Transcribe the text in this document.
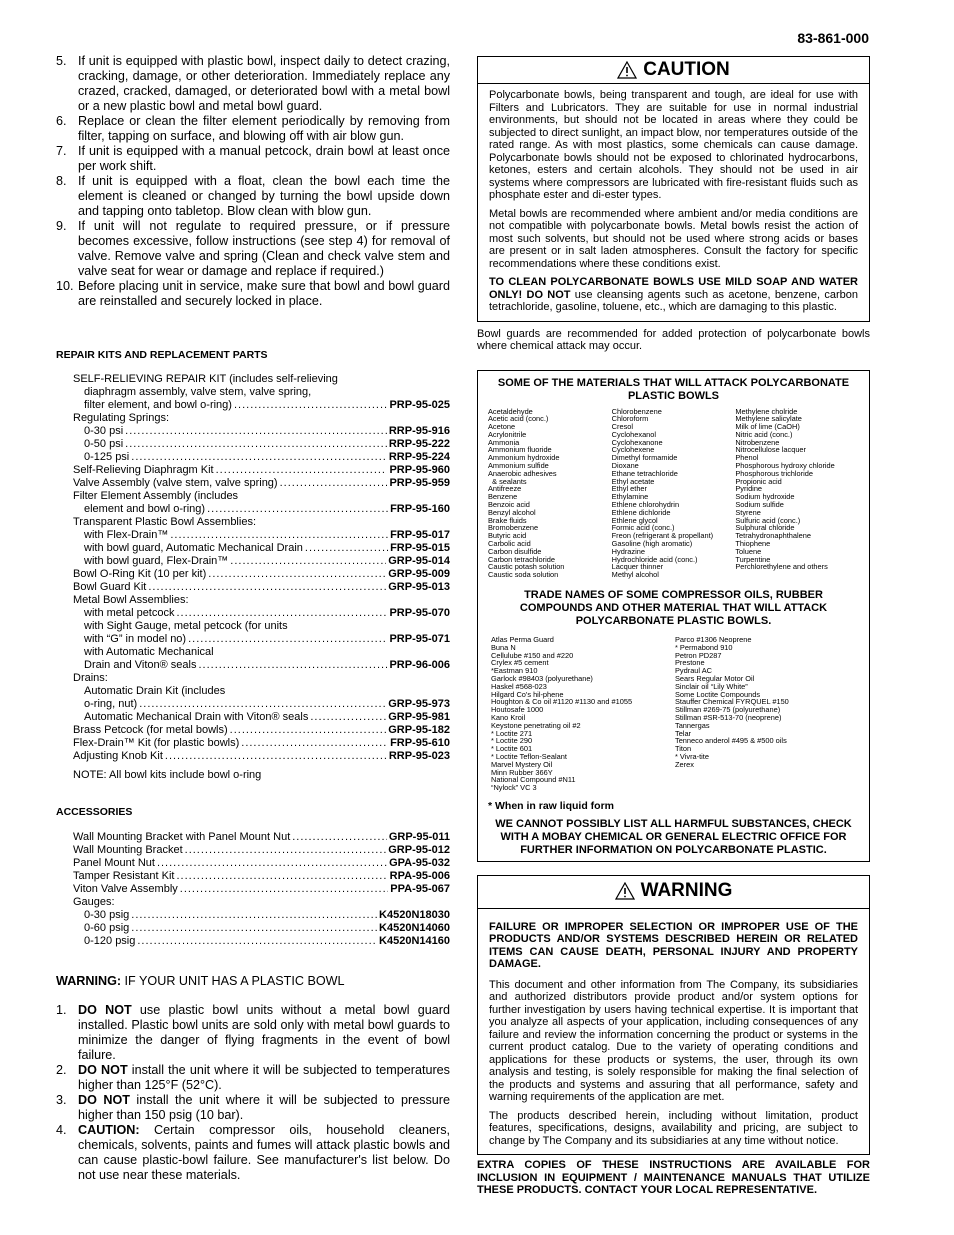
83-861-000
5. If unit is equipped with plastic bowl, inspect daily to detect crazing, cracking, damage, or other deterioration. Immediately replace any crazed, cracked, damaged, or deteriorated bowl with a metal bowl or a new plastic bowl and metal bowl guard.
6. Replace or clean the filter element periodically by removing from filter, tapping on surface, and blowing off with air blow gun.
7. If unit is equipped with a manual petcock, drain bowl at least once per work shift.
8. If unit is equipped with a float, clean the bowl each time the element is cleaned or changed by turning the bowl upside down and tapping onto tabletop. Blow clean with blow gun.
9. If unit will not regulate to required pressure, or if pressure becomes excessive, follow instructions (see step 4) for removal of valve. Remove valve and spring (Clean and check valve stem and valve seat for wear or damage and replace if required.)
10. Before placing unit in service, make sure that bowl and bowl guard are reinstalled and securely locked in place.

REPAIR KITS AND REPLACEMENT PARTS

SELF-RELIEVING REPAIR KIT (includes self-relieving
diaphragm assembly, valve stem, valve spring,
filter element, and bowl o-ring) .....	PRP-95-025
Regulating Springs:
0-30 psi .....	RRP-95-916
0-50 psi .....	RRP-95-222
0-125 psi .....	RRP-95-224
Self-Relieving Diaphragm Kit .....	PRP-95-960
Valve Assembly (valve stem, valve spring) .....	PRP-95-959
Filter Element Assembly (includes
element and bowl o-ring) .....	FRP-95-160
Transparent Plastic Bowl Assemblies:
with Flex-Drain™ .....	FRP-95-017
with bowl guard, Automatic Mechanical Drain .....	FRP-95-015
with bowl guard, Flex-Drain™ .....	GRP-95-014
Bowl O-Ring Kit (10 per kit) .....	GRP-95-009
Bowl Guard Kit .....	GRP-95-013
Metal Bowl Assemblies:
with metal petcock .....	PRP-95-070
with Sight Gauge, metal petcock (for units
with “G” in model no) .....	PRP-95-071
with Automatic Mechanical
Drain and Viton® seals .....	PRP-96-006
Drains:
Automatic Drain Kit (includes
o-ring, nut) .....	GRP-95-973
Automatic Mechanical Drain with Viton® seals .....	GRP-95-981
Brass Petcock (for metal bowls) .....	GRP-95-182
Flex-Drain™ Kit (for plastic bowls) .....	FRP-95-610
Adjusting Knob Kit .....	RRP-95-023
NOTE: All bowl kits include bowl o-ring

ACCESSORIES

Wall Mounting Bracket with Panel Mount Nut .....	GRP-95-011
Wall Mounting Bracket .....	GRP-95-012
Panel Mount Nut .....	GPA-95-032
Tamper Resistant Kit .....	RPA-95-006
Viton Valve Assembly .....	PPA-95-067
Gauges:
0-30 psig .....	K4520N18030
0-60 psig .....	K4520N14060
0-120 psig .....	K4520N14160
WARNING: IF YOUR UNIT HAS A PLASTIC BOWL
1. DO NOT use plastic bowl units without a metal bowl guard installed. Plastic bowl units are sold only with metal bowl guards to minimize the danger of flying fragments in the event of bowl failure.
2. DO NOT install the unit where it will be subjected to temperatures higher than 125°F (52°C).
3. DO NOT install the unit where it will be subjected to pressure higher than 150 psig (10 bar).
4. CAUTION: Certain compressor oils, household cleaners, chemicals, solvents, paints and fumes will attack plastic bowls and can cause plastic-bowl failure. See manufacturer's list below. Do not use near these materials.
CAUTION

Polycarbonate bowls, being transparent and tough, are ideal for use with Filters and Lubricators. They are suitable for use in normal industrial environments, but should not be located in areas where they could be subjected to direct sunlight, an impact blow, nor temperatures outside of the rated range. As with most plastics, some chemicals can cause damage. Polycarbonate bowls should not be exposed to chlorinated hydrocarbons, ketones, esters and certain alcohols. They should not be used in air systems where compressors are lubricated with fire-resistant fluids such as phosphate ester and di-ester types.

Metal bowls are recommended where ambient and/or media conditions are not compatible with polycarbonate bowls. Metal bowls resist the action of most such solvents, but should not be used where strong acids or bases are present or in salt laden atmospheres. Consult the factory for specific recommendations where these conditions exist.

TO CLEAN POLYCARBONATE BOWLS USE MILD SOAP AND WATER ONLY! DO NOT use cleansing agents such as acetone, benzene, carbon tetrachloride, gasoline, toluene, etc., which are damaging to this plastic.

Bowl guards are recommended for added protection of polycarbonate bowls where chemical attack may occur.
SOME OF THE MATERIALS THAT WILL ATTACK POLYCARBONATE PLASTIC BOWLS
Acetaldehyde
Acetic acid (conc.)
Acetone
Acrylonitrile
Ammonia
Ammonium fluoride
Ammonium hydroxide
Ammonium sulfide
Anaerobic adhesives
& sealants
Antifreeze
Benzene
Benzoic acid
Benzyl alcohol
Brake fluids
Bromobenzene
Butyric acid
Carbolic acid
Carbon disulfide
Carbon tetrachloride
Caustic potash solution
Caustic soda solution
Chlorobenzene
Chloroform
Cresol
Cyclohexanol
Cyclohexanone
Cyclohexene
Dimethyl formamide
Dioxane
Ethane tetrachloride
Ethyl acetate
Ethyl ether
Ethylamine
Ethlene chlorohydrin
Ethlene dichloride
Ethlene glycol
Formic acid (conc.)
Freon (refrigerant & propellant)
Gasoline (high aromatic)
Hydrazine
Hydrochloride acid (conc.)
Lacquer thinner
Methyl alcohol
Methylene cholride
Methylene salicylate
Milk of lime (CaOH)
Nitric acid (conc.)
Nitrobenzene
Nitrocellulose lacquer
Phenol
Phosphorous hydroxy chloride
Phosphorous trichloride
Propionic acid
Pyridine
Sodium hydroxide
Sodium sulfide
Styrene
Sulfuric acid (conc.)
Sulphural chloride
Tetrahydronaphthalene
Thiophene
Toluene
Turpentine
Perchlorethylene and others
TRADE NAMES OF SOME COMPRESSOR OILS, RUBBER COMPOUNDS AND OTHER MATERIAL THAT WILL ATTACK POLYCARBONATE PLASTIC BOWLS.
Atlas Perma Guard
Buna N
Cellulube #150 and #220
Crylex #5 cement
*Eastman 910
Garlock #98403 (polyurethane)
Haskel #568-023
Hilgard Co's hil-phene
Houghton & Co oil #1120 #1130 and #1055
Houtosafe 1000
Kano Kroil
Keystone penetrating oil #2
* Loctite 271
* Loctite 290
* Loctite 601
* Loctite Teflon-Sealant
Marvel Mystery Oil
Minn Rubber 366Y
National Compound #N11
“Nylock” VC 3
Parco #1306 Neoprene
* Permabond 910
Petron PD287
Prestone
Pydraul AC
Sears Regular Motor Oil
Sinclair oil “Lily White”
Some Loctite Compounds
Stauffer Chemical FYRQUEL #150
Stillman #269-75 (polyurethane)
Stillman #SR-513-70 (neoprene)
Tannergas
Telar
Tenneco anderol #495 & #500 oils
Titon
* Vivra-tite
Zerex
* When in raw liquid form
WE CANNOT POSSIBLY LIST ALL HARMFUL SUBSTANCES, CHECK WITH A MOBAY CHEMICAL OR GENERAL ELECTRIC OFFICE FOR FURTHER INFORMATION ON POLYCARBONATE PLASTIC.
WARNING

FAILURE OR IMPROPER SELECTION OR IMPROPER USE OF THE PRODUCTS AND/OR SYSTEMS DESCRIBED HEREIN OR RELATED ITEMS CAN CAUSE DEATH, PERSONAL INJURY AND PROPERTY DAMAGE.

This document and other information from The Company, its subsidiaries and authorized distributors provide product and/or system options for further investigation by users having technical expertise. It is important that you analyze all aspects of your application, including consequences of any failure and review the information concerning the product or systems in the current product catalog. Due to the variety of operating conditions and applications for these products or systems, the user, through its own analysis and testing, is solely responsible for making the final selection of the products and systems and assuring that all performance, safety and warning requirements of the application are met.

The products described herein, including without limitation, product features, specifications, designs, availability and pricing, are subject to change by The Company and its subsidiaries at any time without notice.

EXTRA COPIES OF THESE INSTRUCTIONS ARE AVAILABLE FOR INCLUSION IN EQUIPMENT / MAINTENANCE MANUALS THAT UTILIZE THESE PRODUCTS. CONTACT YOUR LOCAL REPRESENTATIVE.
